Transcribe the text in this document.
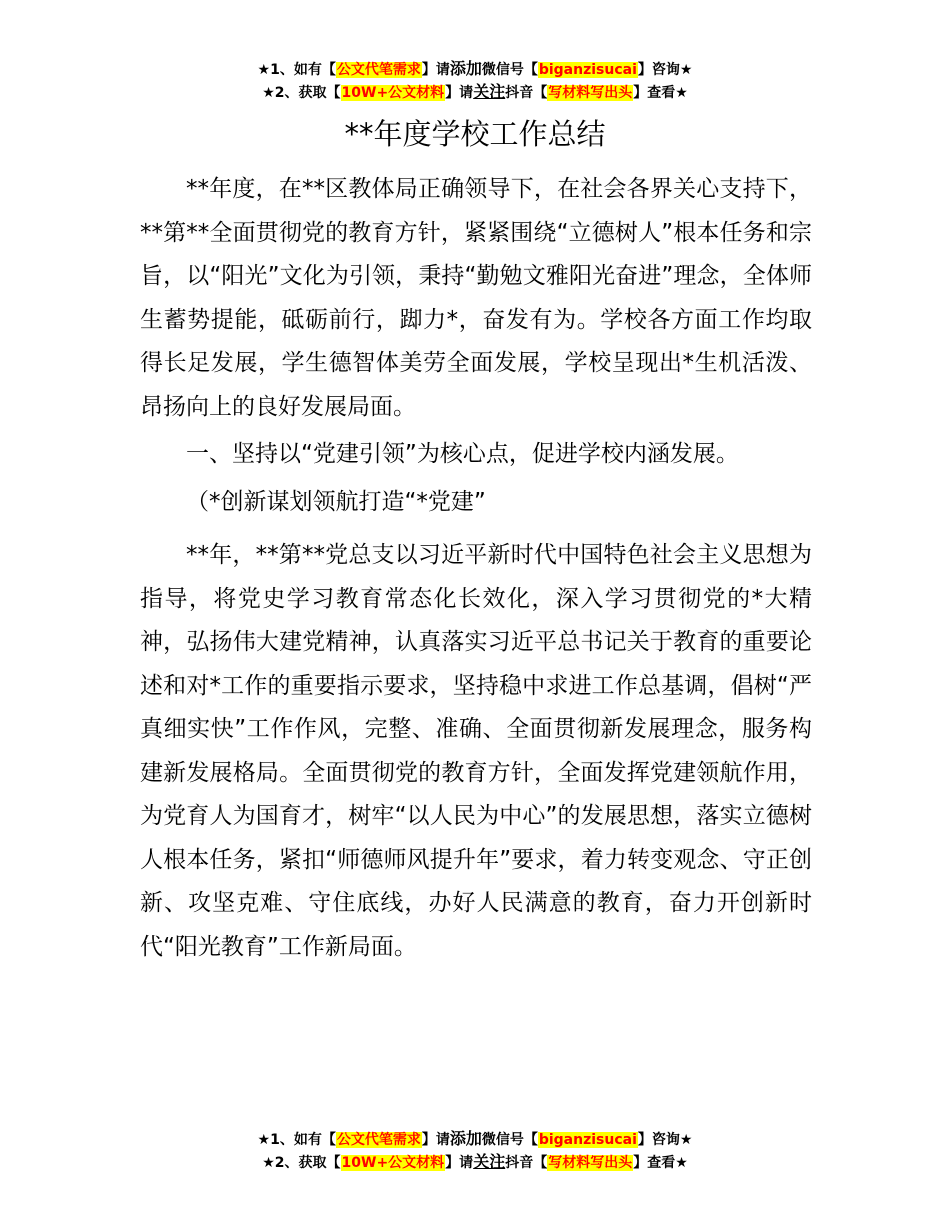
★1、如有【公文代笔需求】请添加微信号【biganzisucai】咨询★
★2、获取【10W+公文材料】请关注抖音【写材料写出头】查看★
**年度学校工作总结

**年度，在**区教体局正确领导下，在社会各界关心支持下，**第**全面贯彻党的教育方针，紧紧围绕“立德树人”根本任务和宗旨，以“阳光”文化为引领，秉持“勤勉文雅阳光奋进”理念，全体师生蓄势提能，砥砺前行，踋力*，奋发有为。学校各方面工作均取得长足发展，学生德智体美劳全面发展，学校呈现出*生机活泼、昂扬向上的良好发展局面。

一、坚持以“党建引领”为核心点，促进学校内涵发展。

（*创新谋划领航打造“*党建”

**年，**第**党总支以习近平新时代中国特色社会主义思想为指导，将党史学习教育常态化长效化，深入学习贯彻党的*大精神，弘扬伟大建党精神，认真落实习近平总书记关于教育的重要论述和对*工作的重要指示要求，坚持稳中求进工作总基调，倡树“严真细实快”工作作风，完整、准确、全面贯彻新发展理念，服务构建新发展格局。全面贯彻党的教育方针，全面发挥党建领航作用，为党育人为国育才，树牢“以人民为中心”的发展思想，落实立德树人根本任务，紧扣“师德师风提升年”要求，着力转变观念、守正创新、攻坚克难、守住底线，办好人民满意的教育，奋力开创新时代“阳光教育”工作新局面。

★1、如有【公文代笔需求】请添加微信号【biganzisucai】咨询★
★2、获取【10W+公文材料】请关注抖音【写材料写出头】查看★
